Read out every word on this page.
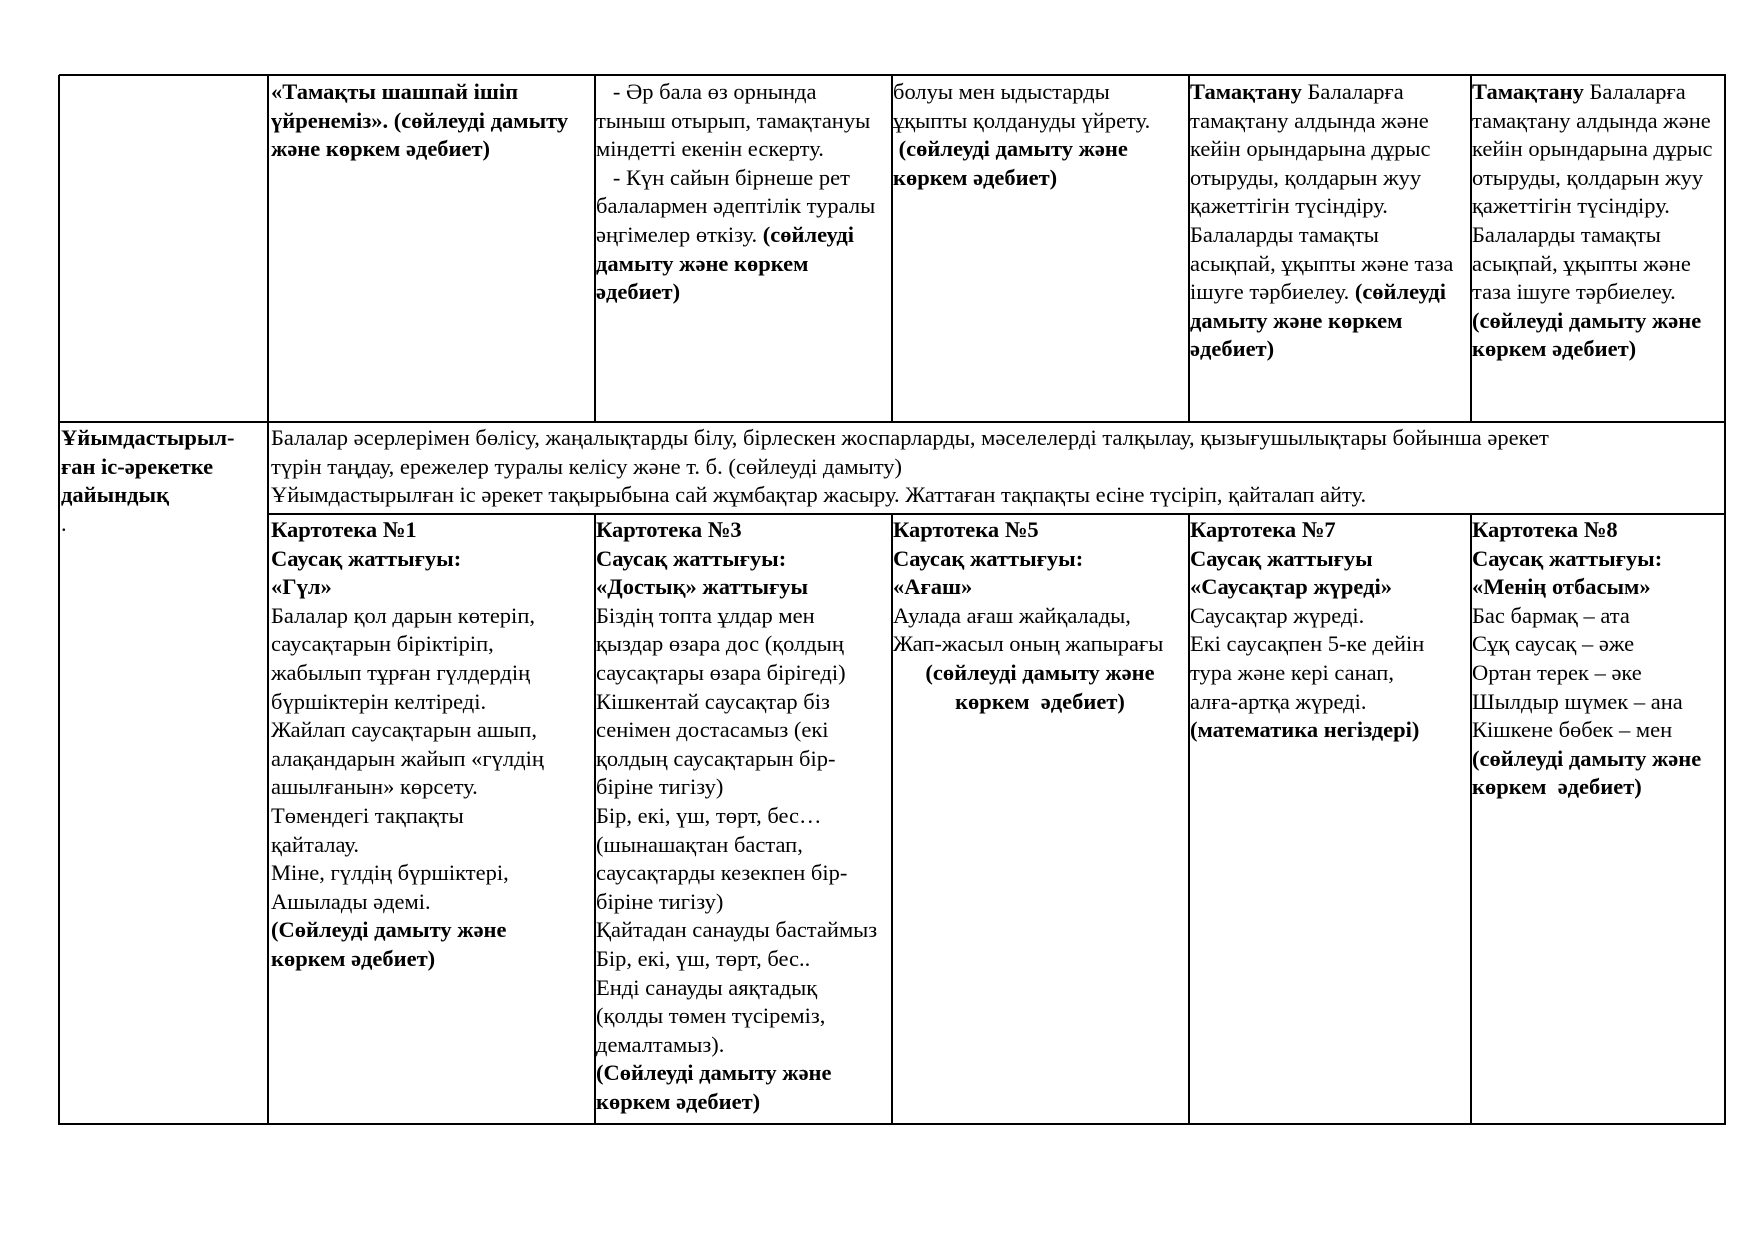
«Тамақты шашпай ішіп
үйренеміз». (сөйлеуді дамыту
және көркем әдебиет)
- Әр бала өз орнында
тыныш отырып, тамақтануы
міндетті екенін ескерту.
- Күн сайын бірнеше рет
балалармен әдептілік туралы
әңгімелер өткізу. (сөйлеуді
дамыту және көркем
әдебиет)
болуы мен ыдыстарды
ұқыпты қолдануды үйрету.
(сөйлеуді дамыту және
көркем әдебиет)
Тамақтану Балаларға
тамақтану алдында және
кейін орындарына дұрыс
отыруды, қолдарын жуу
қажеттігін түсіндіру.
Балаларды тамақты
асықпай, ұқыпты және таза
ішуге тәрбиелеу. (сөйлеуді
дамыту және көркем
әдебиет)
Тамақтану Балаларға
тамақтану алдында және
кейін орындарына дұрыс
отыруды, қолдарын жуу
қажеттігін түсіндіру.
Балаларды тамақты
асықпай, ұқыпты және
таза ішуге тәрбиелеу.
(сөйлеуді дамыту және
көркем әдебиет)
Ұйымдастырыл-
ған іс-әрекетке
дайындық
.
Балалар әсерлерімен бөлісу, жаңалықтарды білу, бірлескен жоспарларды, мәселелерді талқылау, қызығушылықтары бойынша әрекет
түрін таңдау, ережелер туралы келісу және т. б. (сөйлеуді дамыту)
Ұйымдастырылған іс әрекет тақырыбына сай жұмбақтар жасыру. Жаттаған тақпақты есіне түсіріп, қайталап айту.
Картотека №1
Саусақ жаттығуы:
«Гүл»
Балалар қол дарын көтеріп,
саусақтарын біріктіріп,
жабылып тұрған гүлдердің
бүршіктерін келтіреді.
Жайлап саусақтарын ашып,
алақандарын жайып «гүлдің
ашылғанын» көрсету.
Төмендегі тақпақты
қайталау.
Міне, гүлдің бүршіктері,
Ашылады әдемі.
(Сөйлеуді дамыту және
көркем әдебиет)
Картотека №3
Саусақ жаттығуы:
«Достық» жаттығуы
Біздің топта ұлдар мен
қыздар өзара дос (қолдың
саусақтары өзара бірігеді)
Кішкентай саусақтар біз
сенімен достасамыз (екі
қолдың саусақтарын бір-
біріне тигізу)
Бір, екі, үш, төрт, бес…
(шынашақтан бастап,
саусақтарды кезекпен бір-
біріне тигізу)
Қайтадан санауды бастаймыз
Бір, екі, үш, төрт, бес..
Енді санауды аяқтадық
(қолды төмен түсіреміз,
демалтамыз).
(Сөйлеуді дамыту және
көркем әдебиет)
Картотека №5
Саусақ жаттығуы:
«Ағаш»
Аулада ағаш жайқалады,
Жап-жасыл оның жапырағы
(сөйлеуді дамыту және
көркем  әдебиет)
Картотека №7
Саусақ жаттығуы
«Саусақтар жүреді»
Саусақтар жүреді.
Екі саусақпен 5-ке дейін
тура және кері санап,
алға-артқа жүреді.
(математика негіздері)
Картотека №8
Саусақ жаттығуы:
«Менің отбасым»
Бас бармақ – ата
Сұқ саусақ – әже
Ортан терек – әке
Шылдыр шүмек – ана
Кішкене бөбек – мен
(сөйлеуді дамыту және
көркем  әдебиет)
